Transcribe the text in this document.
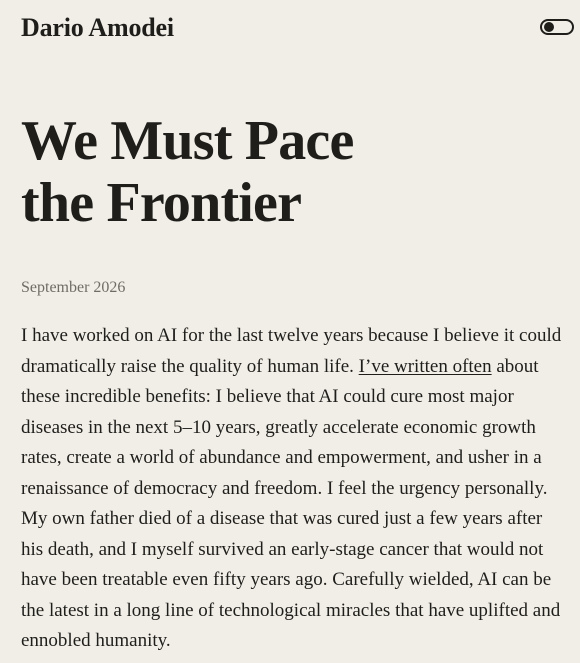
Dario Amodei
We Must Pace
the Frontier
September 2026

I have worked on AI for the last twelve years because I believe it could dramatically raise the quality of human life. I’ve written often about these incredible benefits: I believe that AI could cure most major diseases in the next 5–10 years, greatly accelerate economic growth rates, create a world of abundance and empowerment, and usher in a renaissance of democracy and freedom. I feel the urgency personally. My own father died of a disease that was cured just a few years after his death, and I myself survived an early-stage cancer that would not have been treatable even fifty years ago. Carefully wielded, AI can be the latest in a long line of technological miracles that have uplifted and ennobled humanity.
